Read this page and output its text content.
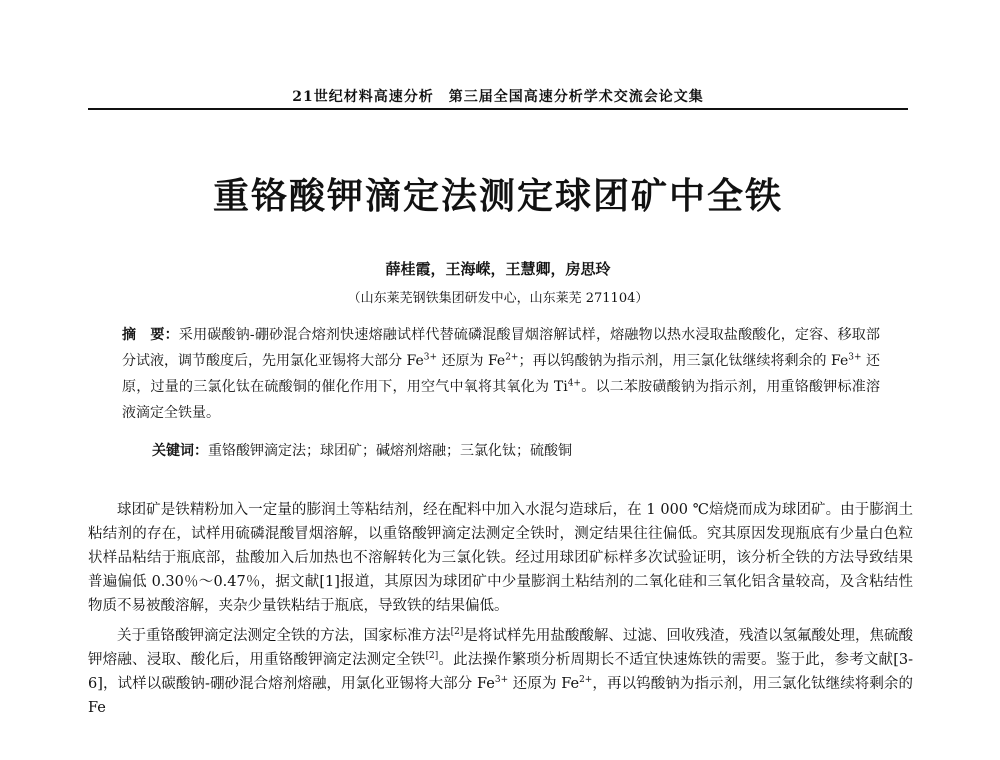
21世纪材料高速分析　第三届全国高速分析学术交流会论文集
重铬酸钾滴定法测定球团矿中全铁
薛桂霞，王海嵘，王慧卿，房思玲
（山东莱芜钢铁集团研发中心，山东莱芜 271104）
摘　要：采用碳酸钠-硼砂混合熔剂快速熔融试样代替硫磷混酸冒烟溶解试样，熔融物以热水浸取盐酸酸化，定容、移取部分试液，调节酸度后，先用氯化亚锡将大部分 $Fe^{3+}$ 还原为 $Fe^{2+}$；再以钨酸钠为指示剂，用三氯化钛继续将剩余的 $Fe^{3+}$ 还原，过量的三氯化钛在硫酸铜的催化作用下，用空气中氧将其氧化为 $Ti^{4+}$。以二苯胺磺酸钠为指示剂，用重铬酸钾标准溶液滴定全铁量。
关键词：重铬酸钾滴定法；球团矿；碱熔剂熔融；三氯化钛；硫酸铜

球团矿是铁精粉加入一定量的膨润土等粘结剂，经在配料中加入水混匀造球后，在 1 000 ℃焙烧而成为球团矿。由于膨润土粘结剂的存在，试样用硫磷混酸冒烟溶解，以重铬酸钾滴定法测定全铁时，测定结果往往偏低。究其原因发现瓶底有少量白色粒状样品粘结于瓶底部，盐酸加入后加热也不溶解转化为三氯化铁。经过用球团矿标样多次试验证明，该分析全铁的方法导致结果普遍偏低 0.30％～0.47％，据文献[1]报道，其原因为球团矿中少量膨润土粘结剂的二氧化硅和三氧化铝含量较高，及含粘结性物质不易被酸溶解，夹杂少量铁粘结于瓶底，导致铁的结果偏低。

关于重铬酸钾滴定法测定全铁的方法，国家标准方法[2]是将试样先用盐酸酸解、过滤、回收残渣，残渣以氢氟酸处理，焦硫酸钾熔融、浸取、酸化后，用重铬酸钾滴定法测定全铁[2]。此法操作繁琐分析周期长不适宜快速炼铁的需要。鉴于此，参考文献[3-6]，试样以碳酸钠-硼砂混合熔剂熔融，用氯化亚锡将大部分 $Fe^{3+}$ 还原为 $Fe^{2+}$，再以钨酸钠为指示剂，用三氯化钛继续将剩余的 Fe
